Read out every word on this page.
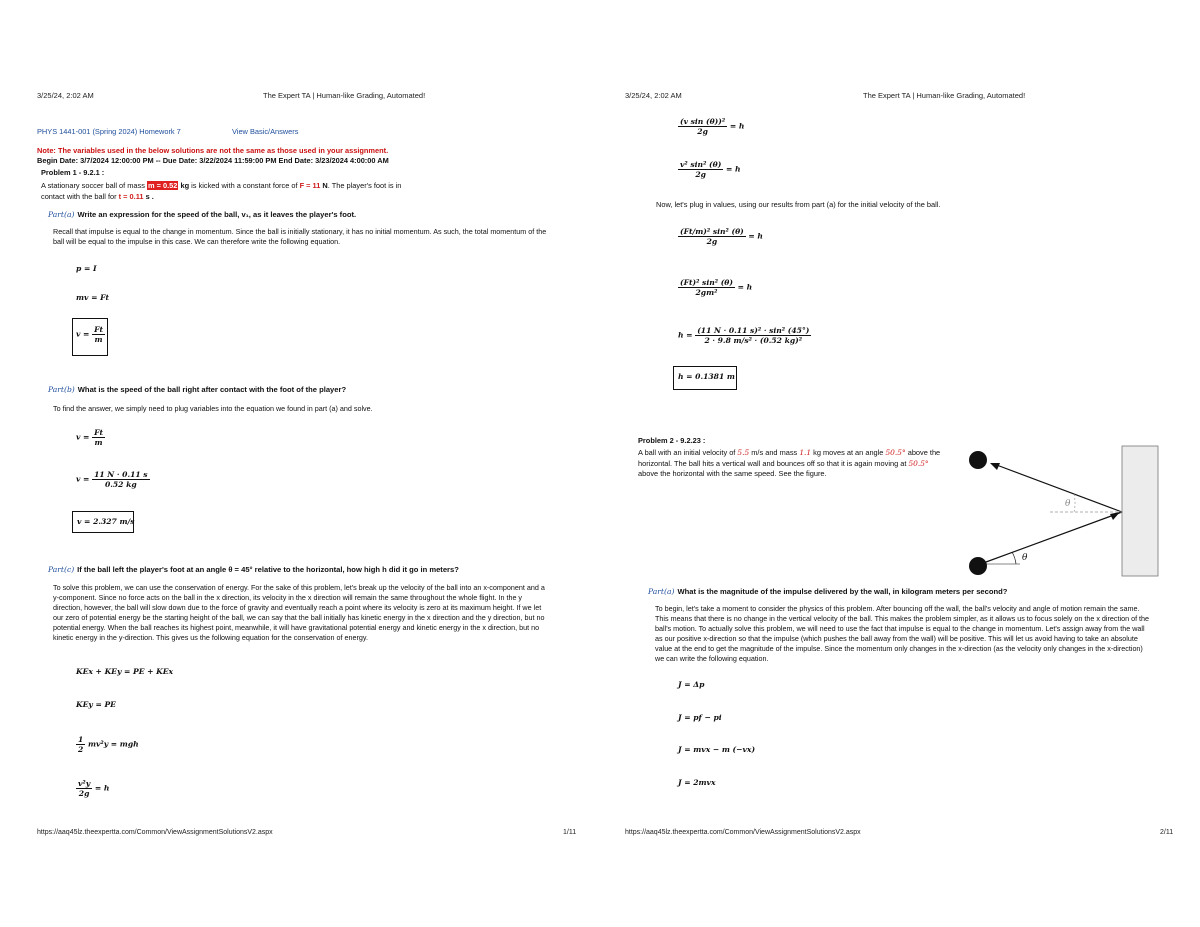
3/25/24, 2:02 AM	The Expert TA | Human-like Grading, Automated!
PHYS 1441-001 (Spring 2024) Homework 7	View Basic/Answers
Note: The variables used in the below solutions are not the same as those used in your assignment.
Begin Date: 3/7/2024 12:00:00 PM -- Due Date: 3/22/2024 11:59:00 PM End Date: 3/23/2024 4:00:00 AM
Problem 1 - 9.2.1 :
A stationary soccer ball of mass m = 0.52 kg is kicked with a constant force of F = 11 N. The player's foot is in
contact with the ball for t = 0.11 s .
Part(a) Write an expression for the speed of the ball, v₁, as it leaves the player's foot.
Recall that impulse is equal to the change in momentum. Since the ball is initially stationary, it has no initial momentum. As such, the total momentum of the ball will be equal to the impulse in this case. We can therefore write the following equation.
p = I
mv = Ft
$v = \frac{Ft}{m}$
Part(b) What is the speed of the ball right after contact with the foot of the player?
To find the answer, we simply need to plug variables into the equation we found in part (a) and solve.
$v = \frac{Ft}{m}$
$v = \frac{11 N \cdot 0.11 s}{0.52 kg}$
v = 2.327 m/s
Part(c) If the ball left the player's foot at an angle θ = 45° relative to the horizontal, how high h did it go in meters?
To solve this problem, we can use the conservation of energy. For the sake of this problem, let's break up the velocity of the ball into an x-component and a y-component. Since no force acts on the ball in the x direction, its velocity in the x direction will remain the same throughout the whole flight. In the y direction, however, the ball will slow down due to the force of gravity and eventually reach a point where its velocity is zero at its maximum height. If we let our zero of potential energy be the starting height of the ball, we can say that the ball initially has kinetic energy in the x direction and the y direction, but no potential energy. When the ball reaches its highest point, meanwhile, it will have gravitational potential energy and kinetic energy in the x direction, but no kinetic energy in the y-direction. This gives us the following equation for the conservation of energy.
KEx + KEy = PE + KEx
KEy = PE
$\frac{1}{2} mv^2y$ = mgh
$\frac{\text{v²y}}{2g} = h$
https://aaq45lz.theexpertta.com/Common/ViewAssignmentSolutionsV2.aspx	1/11
3/25/24, 2:02 AM	The Expert TA | Human-like Grading, Automated!
$\frac{\text{(v sin (θ))²}}{2g} = h$
$\frac{\text{v² sin² (θ)}}{2g} = h$
Now, let's plug in values, using our results from part (a) for the initial velocity of the ball.
$\frac{\text{(Ft/m)² sin² (θ)}}{2g} = h$
$\frac{\text{(Ft)² sin² (θ)}}{\text{2gm²}} = h$
$h = \frac{\text{(11 N · 0.11 s)² · sin² (45°)}}{\text{2 · 9.8 m/s² · (0.52 kg)²}}$
h = 0.1381 m
Problem 2 - 9.2.23 :
A ball with an initial velocity of 5.5 m/s and mass 1.1 kg moves at an angle 50.5° above the
horizontal. The ball hits a vertical wall and bounces off so that it is again moving at 50.5°
above the horizontal with the same speed. See the figure.
θ
θ
Part(a) What is the magnitude of the impulse delivered by the wall, in kilogram meters per second?
To begin, let's take a moment to consider the physics of this problem. After bouncing off the wall, the ball's velocity and angle of motion remain the same. This means that there is no change in the vertical velocity of the ball. This makes the problem simpler, as it allows us to focus solely on the x direction of the ball's motion. To actually solve this problem, we will need to use the fact that impulse is equal to the change in momentum. Let's assign away from the wall as our positive x-direction so that the impulse (which pushes the ball away from the wall) will be positive. This will let us avoid having to take an absolute value at the end to get the magnitude of the impulse. Since the momentum only changes in the x-direction (as the velocity only changes in the x-direction) we can write the following equation.
J = Δp
J = pf − pi
J = mvx − m (−vx)
J = 2mvx
https://aaq45lz.theexpertta.com/Common/ViewAssignmentSolutionsV2.aspx	2/11
